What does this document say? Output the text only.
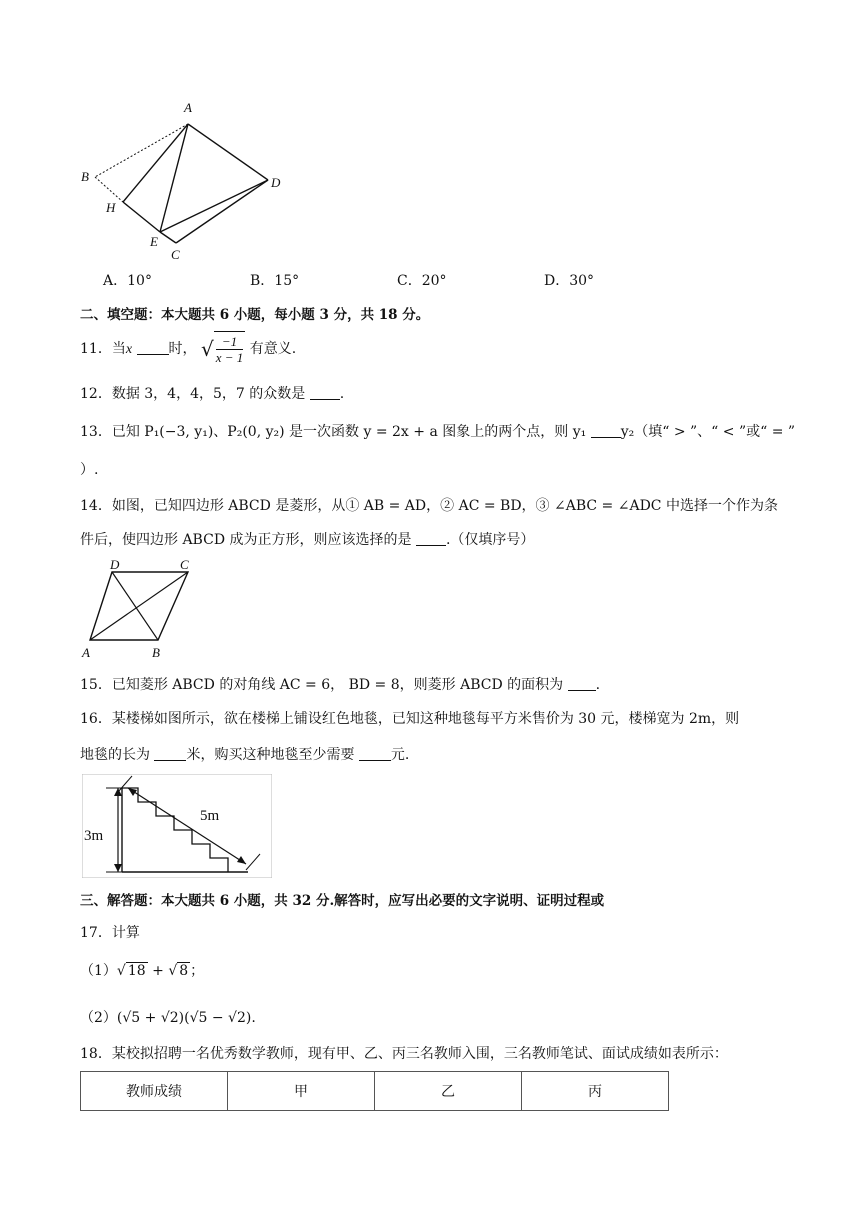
A
B
H
E
C
D
A．10°	B．15°	C．20°	D．30°
二、填空题：本大题共 6 小题，每小题 3 分，共 18 分。
11．当x	时， √ $\frac{-1}{x - 1}$ 有意义.
12．数据 3，4，4，5，7 的众数是 .
13．已知 P₁(−3, y₁)、P₂(0, y₂) 是一次函数 y = 2x + a 图象上的两个点，则 y₁ y₂（填“ > ”、“ < ”或“ = ”
）.
14．如图，已知四边形 ABCD 是菱形，从① AB = AD，② AC = BD，③ ∠ABC = ∠ADC 中选择一个作为条
件后，使四边形 ABCD 成为正方形，则应该选择的是 .（仅填序号）
D	C
A	B
15．已知菱形 ABCD 的对角线 AC = 6， BD = 8，则菱形 ABCD 的面积为 .
16．某楼梯如图所示，欲在楼梯上铺设红色地毯，已知这种地毯每平方米售价为 30 元，楼梯宽为 2m，则
地毯的长为	米，购买这种地毯至少需要	元.
3m
5m
三、解答题：本大题共 6 小题，共 32 分.解答时，应写出必要的文字说明、证明过程或
17．计算
（1）√ 18 + √ 8 ；
（2）(√5 + √2)(√5 − √2).
18．某校拟招聘一名优秀数学教师，现有甲、乙、丙三名教师入围，三名教师笔试、面试成绩如表所示：
教师成绩	甲	乙	丙
